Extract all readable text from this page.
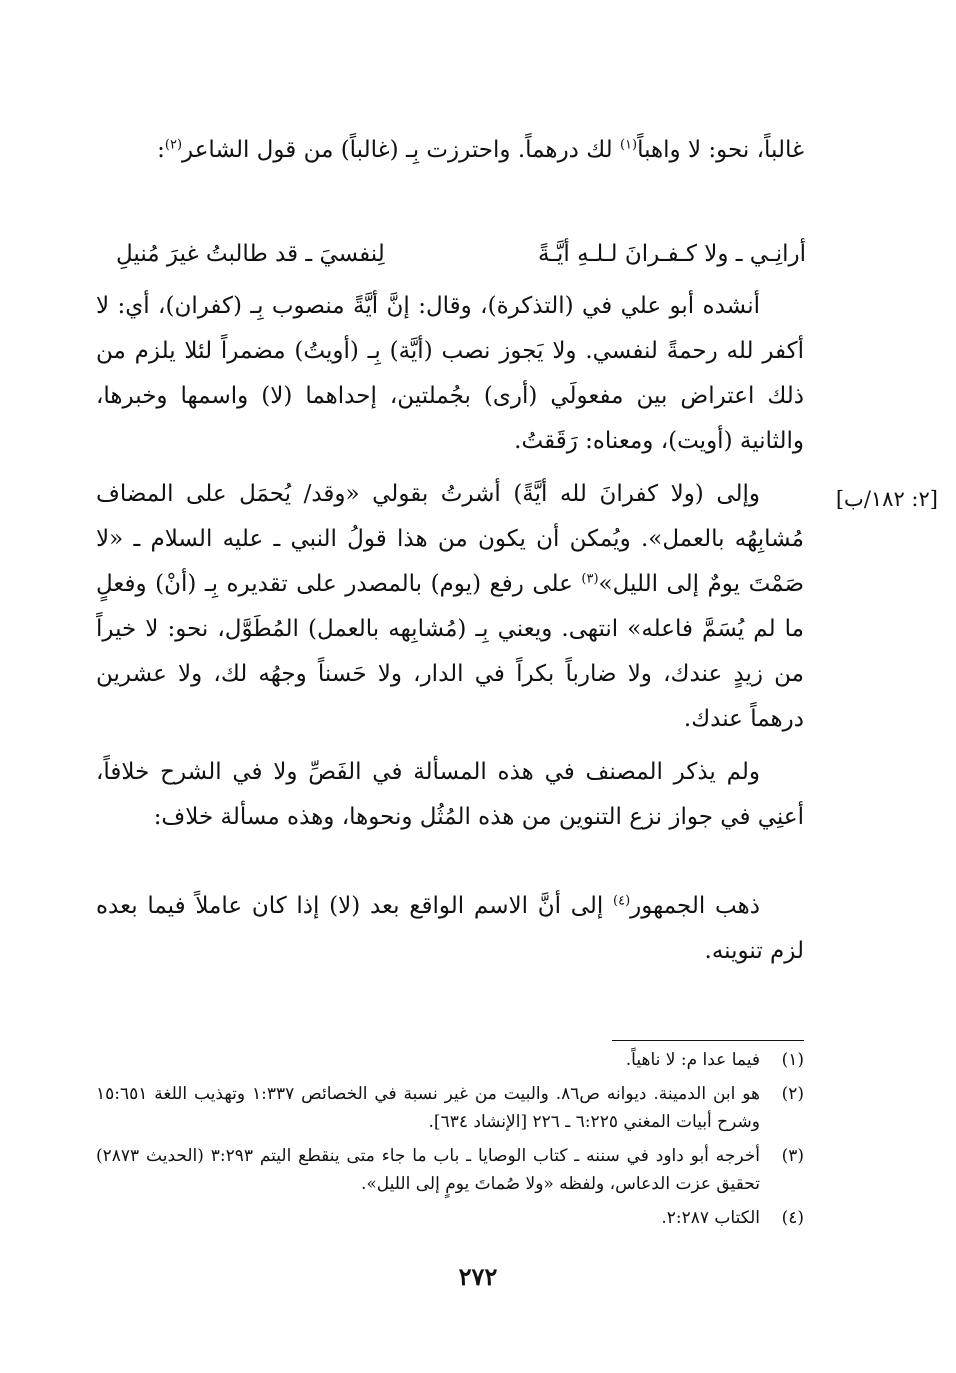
غالباً، نحو: لا واهباً$^{(١)}$ لك درهماً. واحترزت بِـ (غالباً) من قول الشاعر$^{(٢)}$:

أرانِـي ـ ولا كـفـرانَ لـلـهِ أيَّـةً
لِنفسيَ ـ قد طالبتُ غيرَ مُنيلِ

أنشده أبو علي في (التذكرة)، وقال: إنَّ أيَّةً منصوب بِـ (كفران)، أي: لا أكفر لله رحمةً لنفسي. ولا يَجوز نصب (أيَّة) بِـ (أويتُ) مضمراً لئلا يلزم من ذلك اعتراض بين مفعولَي (أرى) بجُملتين، إحداهما (لا) واسمها وخبرها، والثانية (أويت)، ومعناه: رَقَقتُ.

وإلى (ولا كفرانَ لله أيَّةً) أشرتُ بقولي «وقد/ يُحمَل على المضاف مُشابِهُه بالعمل». ويُمكن أن يكون من هذا قولُ النبي ـ عليه السلام ـ «لا صَمْتَ يومٌ إلى الليل»$^{(٣)}$ على رفع (يوم) بالمصدر على تقديره بِـ (أنْ) وفعلٍ ما لم يُسَمَّ فاعله» انتهى. ويعني بِـ (مُشابِهه بالعمل) المُطَوَّل، نحو: لا خيراً من زيدٍ عندك، ولا ضارباً بكراً في الدار، ولا حَسناً وجهُه لك، ولا عشرين درهماً عندك.

[٢: ١٨٢/ب]

ولم يذكر المصنف في هذه المسألة في الفَصِّ ولا في الشرح خلافاً، أعنِي في جواز نزع التنوين من هذه المُثُل ونحوها، وهذه مسألة خلاف:

ذهب الجمهور$^{(٤)}$ إلى أنَّ الاسم الواقع بعد (لا) إذا كان عاملاً فيما بعده لزم تنوينه.

(١)
فيما عدا م: لا ناهياً.
(٢)
هو ابن الدمينة. ديوانه ص٨٦. والبيت من غير نسبة في الخصائص ١:٣٣٧ وتهذيب اللغة ١٥:٦٥١ وشرح أبيات المغني ٦:٢٢٥ ـ ٢٢٦ [الإنشاد ٦٣٤].
(٣)
أخرجه أبو داود في سننه ـ كتاب الوصايا ـ باب ما جاء متى ينقطع اليتم ٣:٢٩٣ (الحديث ٢٨٧٣) تحقيق عزت الدعاس، ولفظه «ولا صُماتَ يومٍ إلى الليل».
(٤)
الكتاب ٢:٢٨٧.
٢٧٢
